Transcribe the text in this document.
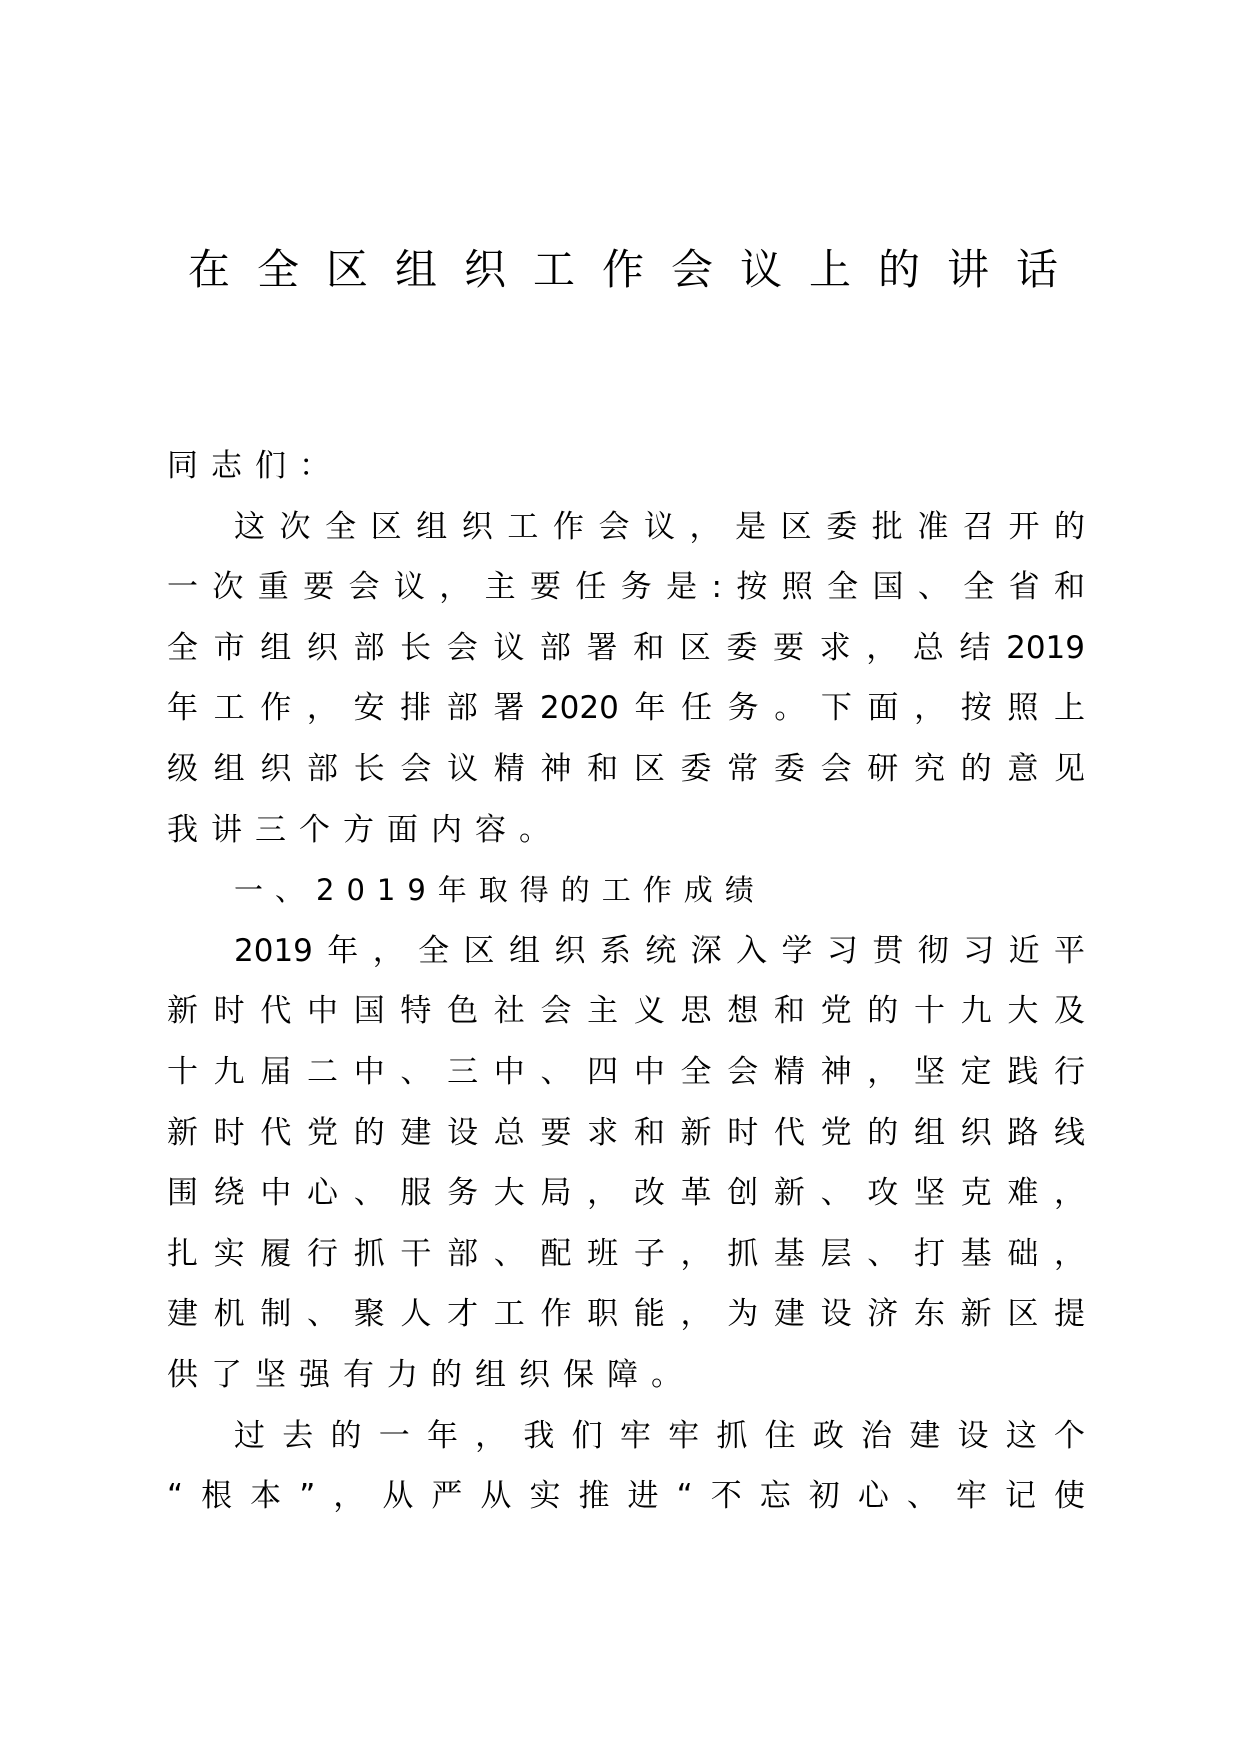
在全区组织工作会议上的讲话
同志们：
这次全区组织工作会议，是区委批准召开的
一次重要会议，主要任务是:按照全国、全省和
全市组织部长会议部署和区委要求，总结2019
年工作，安排部署2020年任务。下面，按照上
级组织部长会议精神和区委常委会研究的意见
我讲三个方面内容。
一、2019年取得的工作成绩
2019年，全区组织系统深入学习贯彻习近平
新时代中国特色社会主义思想和党的十九大及
十九届二中、三中、四中全会精神，坚定践行
新时代党的建设总要求和新时代党的组织路线
围绕中心、服务大局，改革创新、攻坚克难，
扎实履行抓干部、配班子，抓基层、打基础，
建机制、聚人才工作职能，为建设济东新区提
供了坚强有力的组织保障。
过去的一年，我们牢牢抓住政治建设这个
“根本”，从严从实推进“不忘初心、牢记使
